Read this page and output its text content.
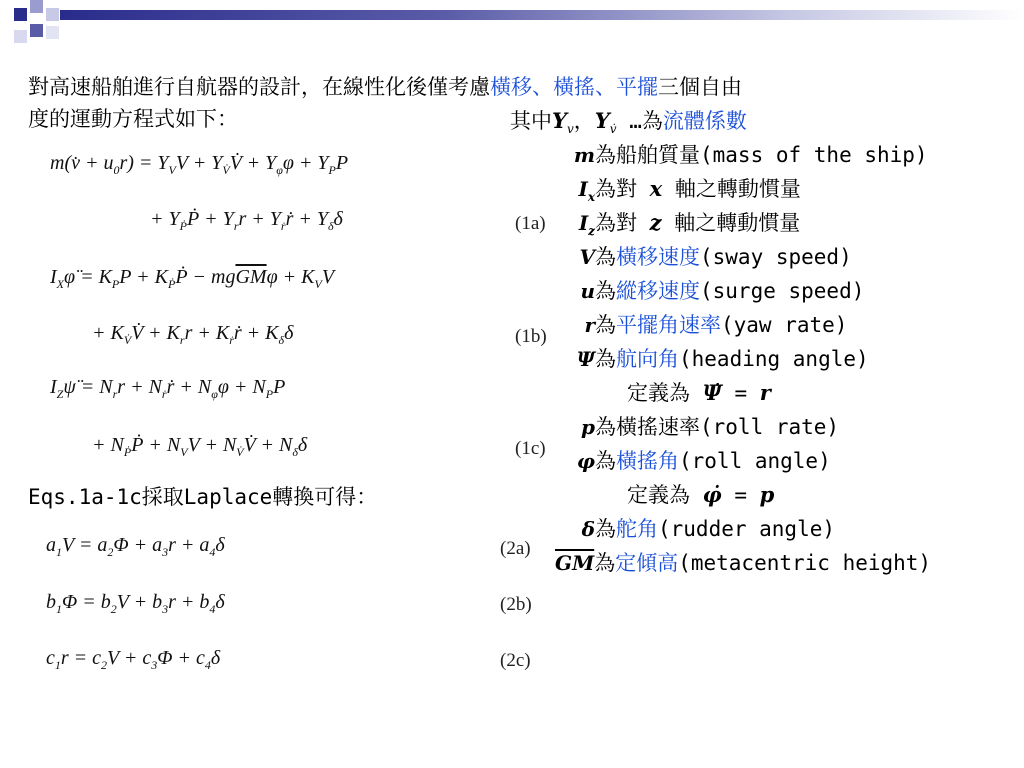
對高速船舶進行自航器的設計，在線性化後僅考慮橫移、橫搖、平擺三個自由
度的運動方程式如下：
m(v̇ + $u_0r) = Y_VV$ + $Y_{V̇}V̇ + Y_\varphi\varphi + Y_PP$
+ $Y_ṖṖ + Y_rr$ + $Y_ṙṙ + Y_\delta\delta$	(1a)
$I_X\varphï = K_PP$ + $K_ṖṖ - mg\overline{GM}\varphi + K_VV$
+ $K_{V̇}V̇ + K_rr$ + $K_ṙṙ + K_\delta\delta$	(1b)
$I_Z\psï = N_rr$ + $N_ṙṙ + N_\varphi\varphi + N_PP$
+ $N_ṖṖ + N_VV$ + $N_{V̇}V̇ + N_\delta\delta$	(1c)
Eqs.1a-1c採取Laplace轉換可得：
$a_1V = a_2\Phi + a_3r + a_4\delta$	(2a)
$b_1\Phi = b_2V + b_3r + b_4\delta$	(2b)
$c_1r = c_2V + c_3\Phi + c_4\delta$	(2c)
其中$Y_v$，$Y_{v̇}$ …為流體係數
m為船舶質量(mass of the ship)
$I_x$為對 x 軸之轉動慣量
$I_z$為對 z 軸之轉動慣量
V為橫移速度(sway speed)
u為縱移速度(surge speed)
r為平擺角速率(yaw rate)
Ψ為航向角(heading angle)
定義為 Ψ̇ = r
p為橫搖速率(roll rate)
φ為橫搖角(roll angle)
定義為 φ̇ = p
δ為舵角(rudder angle)
$\overline{GM}$為定傾高(metacentric height)
